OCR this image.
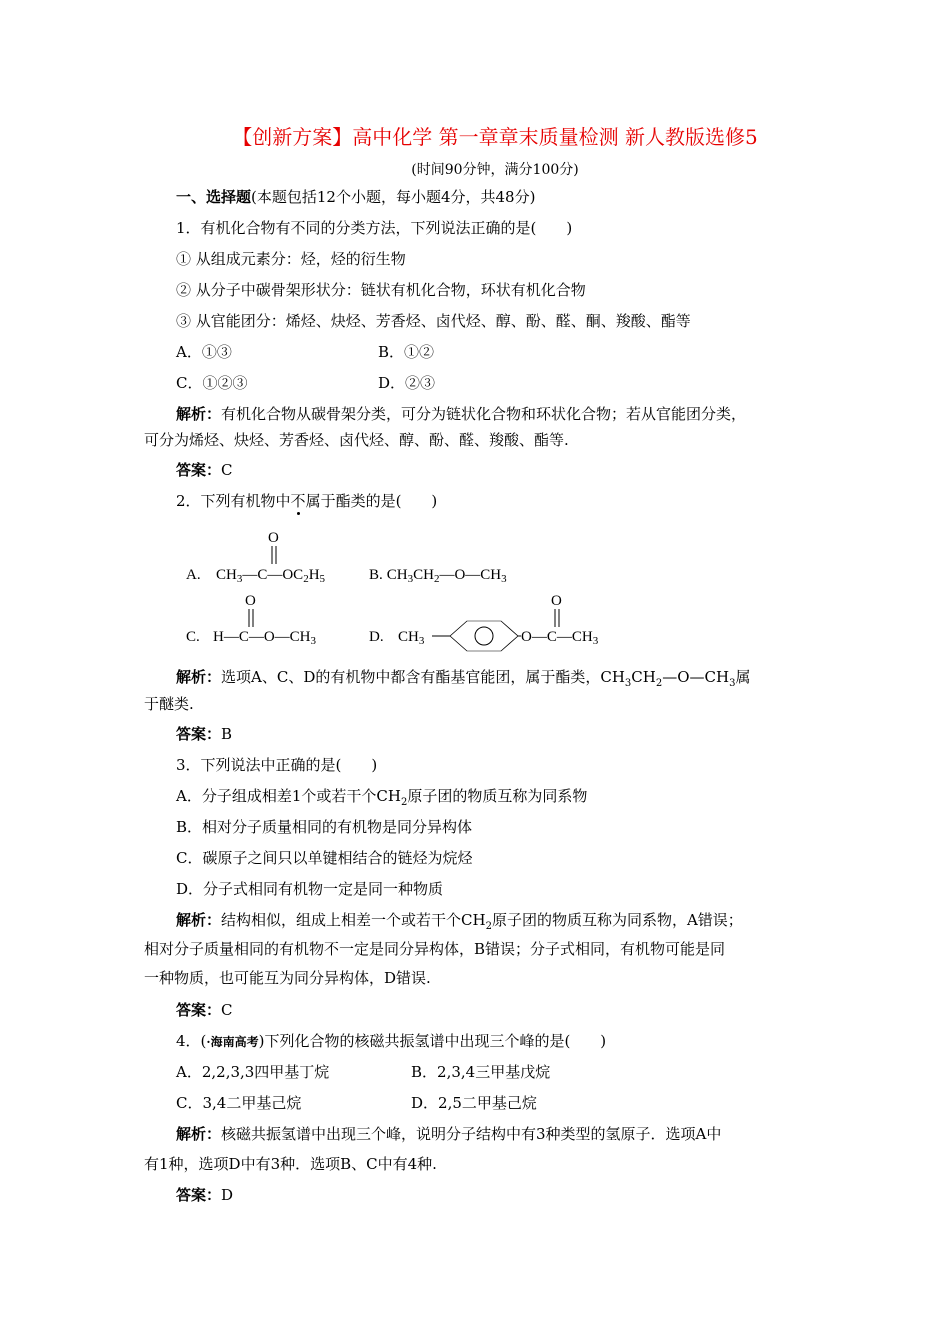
【创新方案】高中化学 第一章章末质量检测 新人教版选修5
(时间90分钟，满分100分)
一、选择题(本题包括12个小题，每小题4分，共48分)
1．有机化合物有不同的分类方法，下列说法正确的是(　　)
① 从组成元素分：烃，烃的衍生物
② 从分子中碳骨架形状分：链状有机化合物，环状有机化合物
③ 从官能团分：烯烃、炔烃、芳香烃、卤代烃、醇、酚、醛、酮、羧酸、酯等
A．①③	B．①②
C．①②③	D．②③
解析：有机化合物从碳骨架分类，可分为链状化合物和环状化合物；若从官能团分类，
可分为烯烃、炔烃、芳香烃、卤代烃、醇、酚、醛、羧酸、酯等.
答案：C
2．下列有机物中不属于酯类的是(　　)
A.
O
$CH_3—C—OC_2H_5$	B. $CH_3CH_2—O—CH_3$
C.
O
$H—C—O—CH_3$	D. $CH_3$
O
$O—C—CH_3$
解析：选项A、C、D的有机物中都含有酯基官能团，属于酯类，$CH_3CH_2—O—CH_3$属
于醚类.
答案：B
3．下列说法中正确的是(　　)
A．分子组成相差1个或若干个$CH_2$原子团的物质互称为同系物
B．相对分子质量相同的有机物是同分异构体
C．碳原子之间只以单键相结合的链烃为烷烃
D．分子式相同有机物一定是同一种物质
解析：结构相似，组成上相差一个或若干个$CH_2$原子团的物质互称为同系物，A错误；
相对分子质量相同的有机物不一定是同分异构体，B错误；分子式相同，有机物可能是同
一种物质，也可能互为同分异构体，D错误.
答案：C
4．(·海南高考)下列化合物的核磁共振氢谱中出现三个峰的是(　　)
A．2,2,3,3四甲基丁烷	B．2,3,4三甲基戊烷
C．3,4二甲基己烷	D．2,5二甲基己烷
解析：核磁共振氢谱中出现三个峰，说明分子结构中有3种类型的氢原子．选项A中
有1种，选项D中有3种．选项B、C中有4种.
答案：D
